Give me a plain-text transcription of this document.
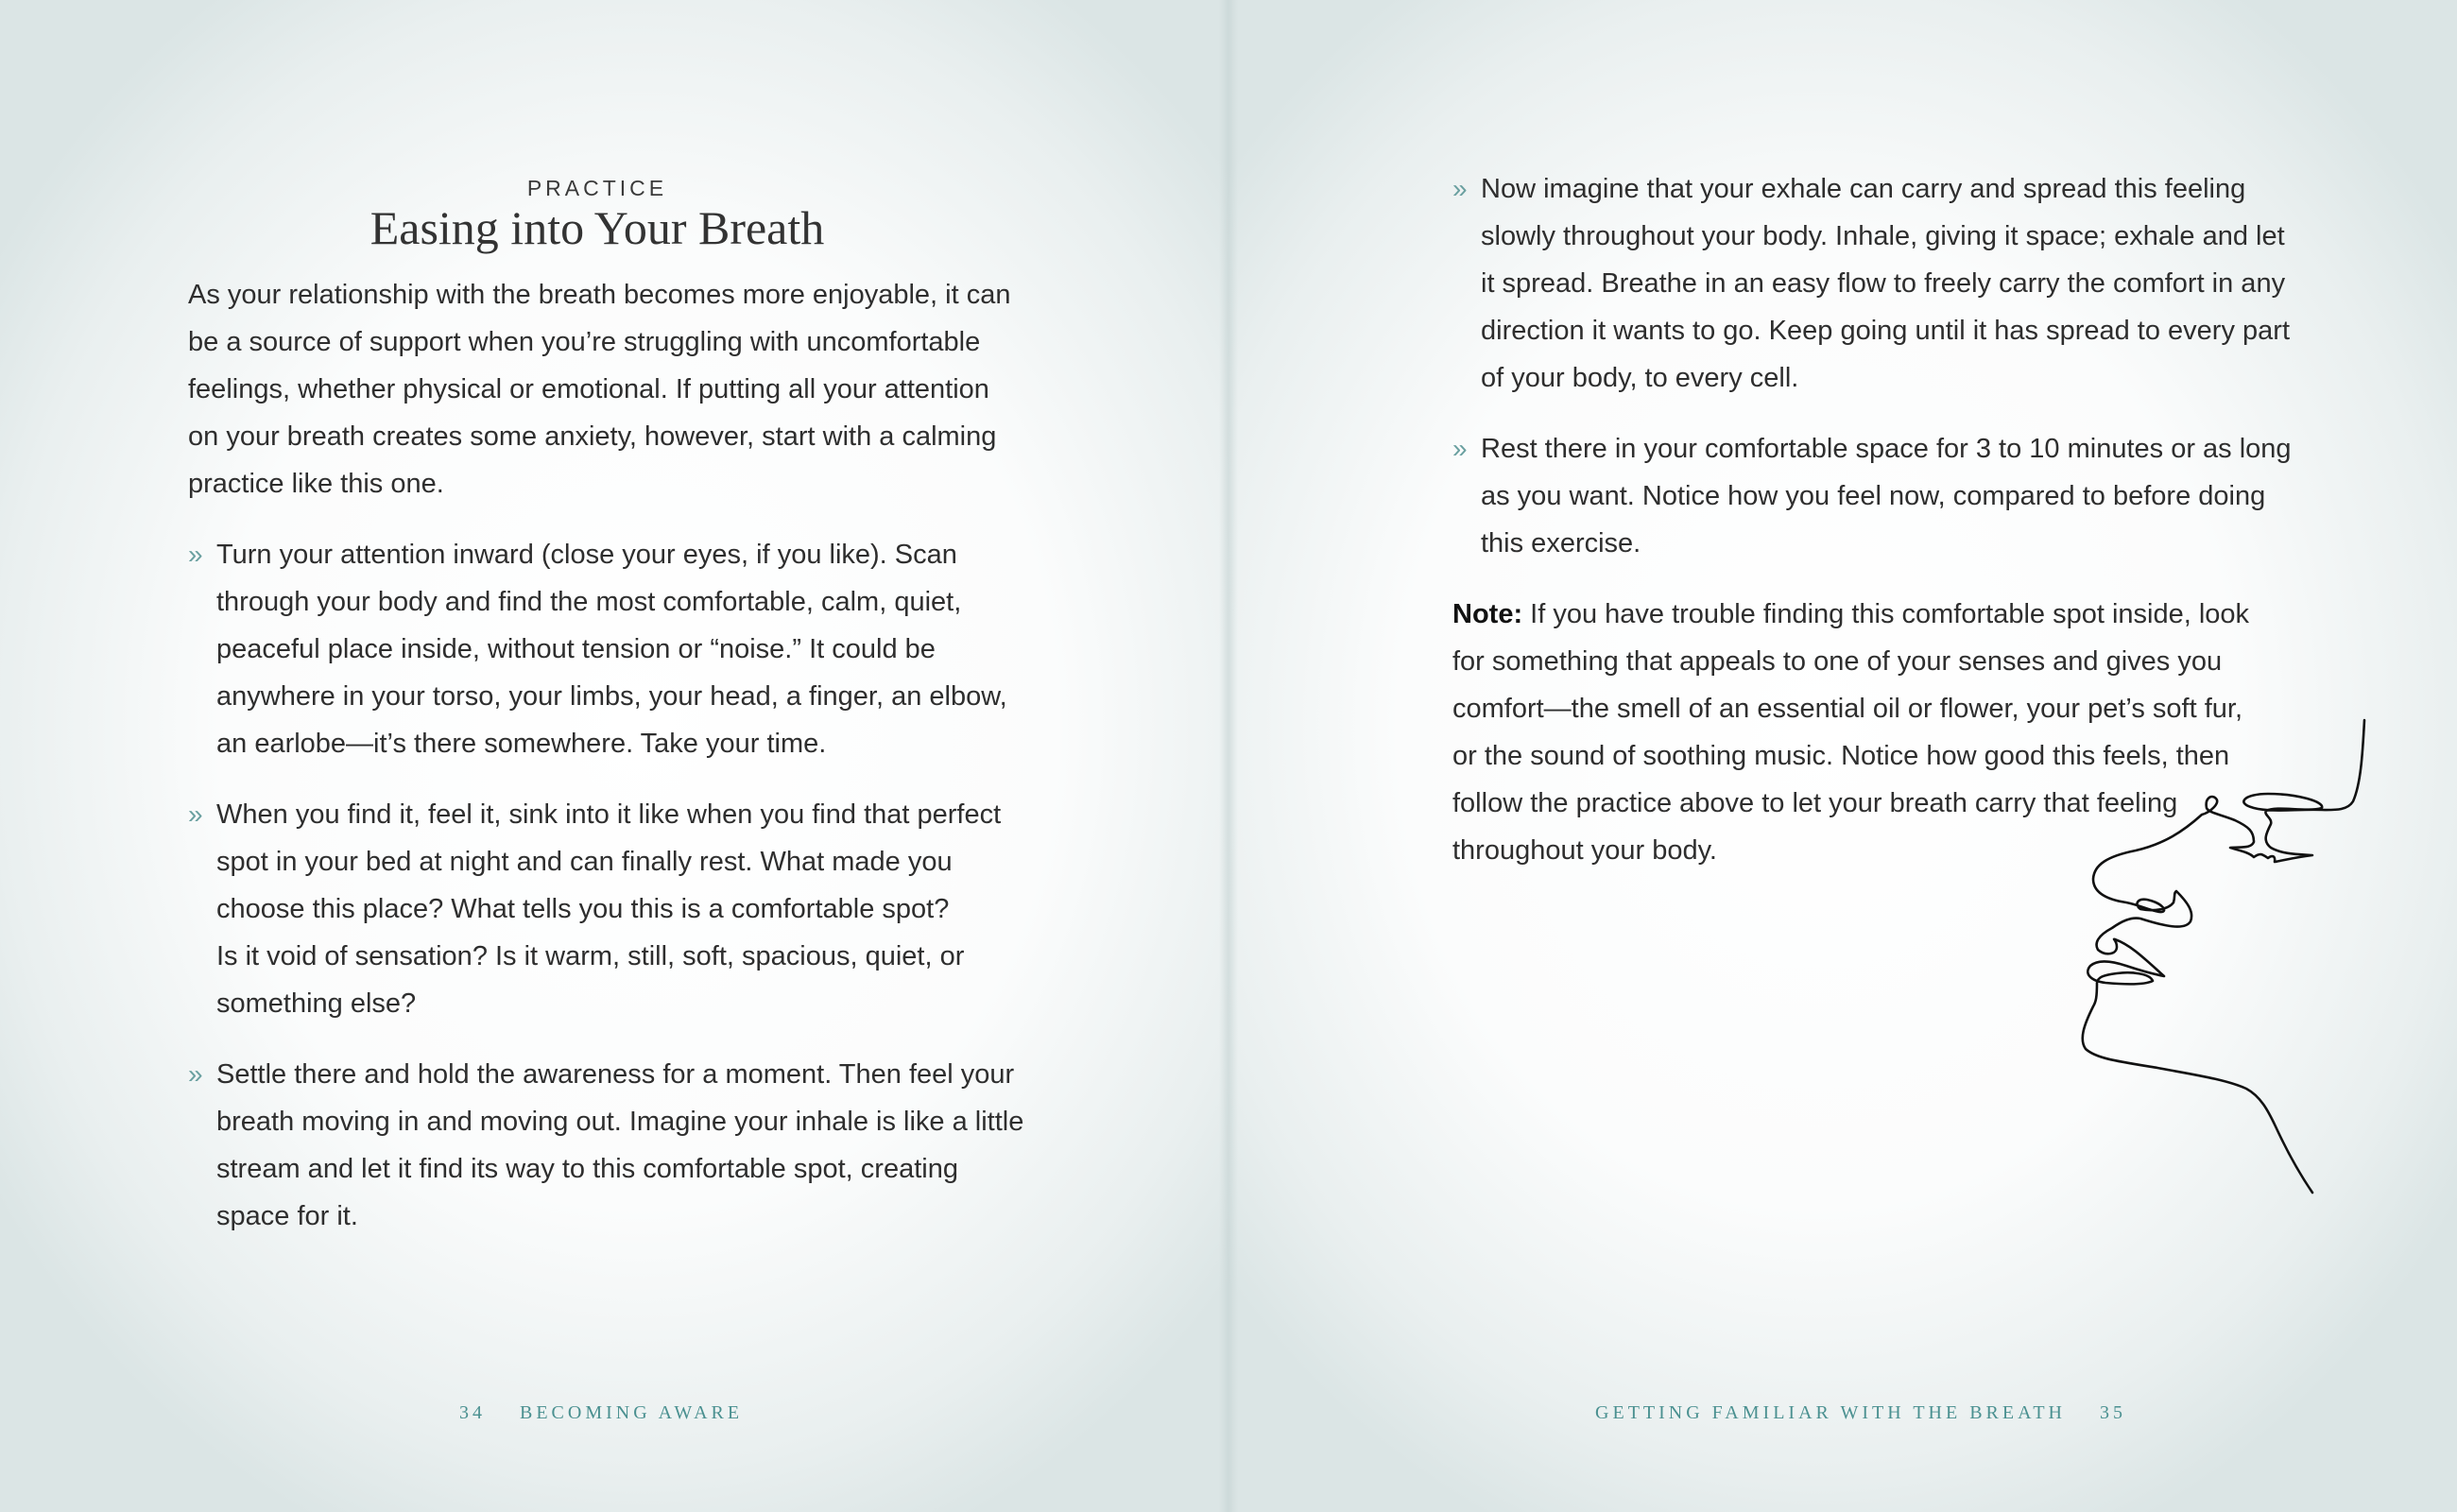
PRACTICE
Easing into Your Breath
As your relationship with the breath becomes more enjoyable, it can
be a source of support when you’re struggling with uncomfortable
feelings, whether physical or emotional. If putting all your attention
on your breath creates some anxiety, however, start with a calming
practice like this one.
» Turn your attention inward (close your eyes, if you like). Scan
through your body and find the most comfortable, calm, quiet,
peaceful place inside, without tension or “noise.” It could be
anywhere in your torso, your limbs, your head, a finger, an elbow,
an earlobe—it’s there somewhere. Take your time.
» When you find it, feel it, sink into it like when you find that perfect
spot in your bed at night and can finally rest. What made you
choose this place? What tells you this is a comfortable spot?
Is it void of sensation? Is it warm, still, soft, spacious, quiet, or
something else?
» Settle there and hold the awareness for a moment. Then feel your
breath moving in and moving out. Imagine your inhale is like a little
stream and let it find its way to this comfortable spot, creating
space for it.
34 BECOMING AWARE
» Now imagine that your exhale can carry and spread this feeling
slowly throughout your body. Inhale, giving it space; exhale and let
it spread. Breathe in an easy flow to freely carry the comfort in any
direction it wants to go. Keep going until it has spread to every part
of your body, to every cell.
» Rest there in your comfortable space for 3 to 10 minutes or as long
as you want. Notice how you feel now, compared to before doing
this exercise.
Note: If you have trouble finding this comfortable spot inside, look
for something that appeals to one of your senses and gives you
comfort—the smell of an essential oil or flower, your pet’s soft fur,
or the sound of soothing music. Notice how good this feels, then
follow the practice above to let your breath carry that feeling
throughout your body.
GETTING FAMILIAR WITH THE BREATH 35
